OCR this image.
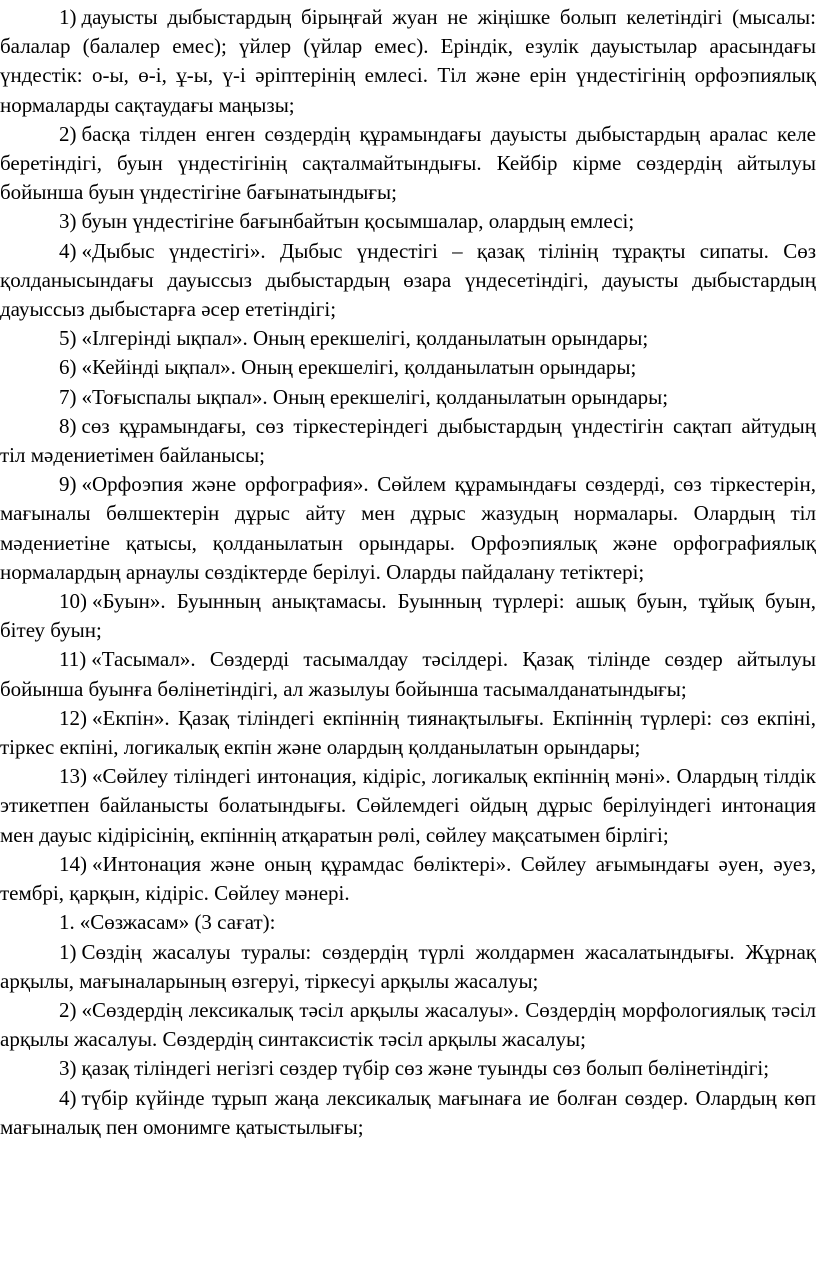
1) дауысты дыбыстардың бірыңғай жуан не жіңішке болып келетіндігі (мысалы: балалар (балалер емес); үйлер (үйлар емес). Еріндік, езулік дауыстылар арасындағы үндестік: о-ы, ө-і, ұ-ы, ү-і әріптерінің емлесі. Тіл және ерін үндестігінің орфоэпиялық нормаларды сақтаудағы маңызы;

2) басқа тілден енген сөздердің құрамындағы дауысты дыбыстардың аралас келе беретіндігі, буын үндестігінің сақталмайтындығы. Кейбір кірме сөздердің айтылуы бойынша буын үндестігіне бағынатындығы;

3) буын үндестігіне бағынбайтын қосымшалар, олардың емлесі;

4) «Дыбыс үндестігі». Дыбыс үндестігі – қазақ тілінің тұрақты сипаты. Сөз қолданысындағы дауыссыз дыбыстардың өзара үндесетіндігі, дауысты дыбыстардың дауыссыз дыбыстарға әсер ететіндігі;

5) «Ілгерінді ықпал». Оның ерекшелігі, қолданылатын орындары;

6) «Кейінді ықпал». Оның ерекшелігі, қолданылатын орындары;

7) «Тоғыспалы ықпал». Оның ерекшелігі, қолданылатын орындары;

8) сөз құрамындағы, сөз тіркестеріндегі дыбыстардың үндестігін сақтап айтудың тіл мәдениетімен байланысы;

9) «Орфоэпия және орфография». Сөйлем құрамындағы сөздерді, сөз тіркестерін, мағыналы бөлшектерін дұрыс айту мен дұрыс жазудың нормалары. Олардың тіл мәдениетіне қатысы, қолданылатын орындары. Орфоэпиялық және орфографиялық нормалардың арнаулы сөздіктерде берілуі. Оларды пайдалану тетіктері;

10) «Буын». Буынның анықтамасы. Буынның түрлері: ашық буын, тұйық буын, бітеу буын;

11) «Тасымал». Сөздерді тасымалдау тәсілдері. Қазақ тілінде сөздер айтылуы бойынша буынға бөлінетіндігі, ал жазылуы бойынша тасымалданатындығы;

12) «Екпін». Қазақ тіліндегі екпіннің тиянақтылығы. Екпіннің түрлері: сөз екпіні, тіркес екпіні, логикалық екпін және олардың қолданылатын орындары;

13) «Сөйлеу тіліндегі интонация, кідіріс, логикалық екпіннің мәні». Олардың тілдік этикетпен байланысты болатындығы. Сөйлемдегі ойдың дұрыс берілуіндегі интонация мен дауыс кідірісінің, екпіннің атқаратын рөлі, сөйлеу мақсатымен бірлігі;

14) «Интонация және оның құрамдас бөліктері». Сөйлеу ағымындағы әуен, әуез, тембрі, қарқын, кідіріс. Сөйлеу мәнері.

1. «Сөзжасам» (3 сағат):

1) Сөздің жасалуы туралы: сөздердің түрлі жолдармен жасалатындығы. Жұрнақ арқылы, мағыналарының өзгеруі, тіркесуі арқылы жасалуы;

2) «Сөздердің лексикалық тәсіл арқылы жасалуы». Сөздердің морфологиялық тәсіл арқылы жасалуы. Сөздердің синтаксистік тәсіл арқылы жасалуы;

3) қазақ тіліндегі негізгі сөздер түбір сөз және туынды сөз болып бөлінетіндігі;

4) түбір күйінде тұрып жаңа лексикалық мағынаға ие болған сөздер. Олардың көп мағыналық пен омонимге қатыстылығы;
